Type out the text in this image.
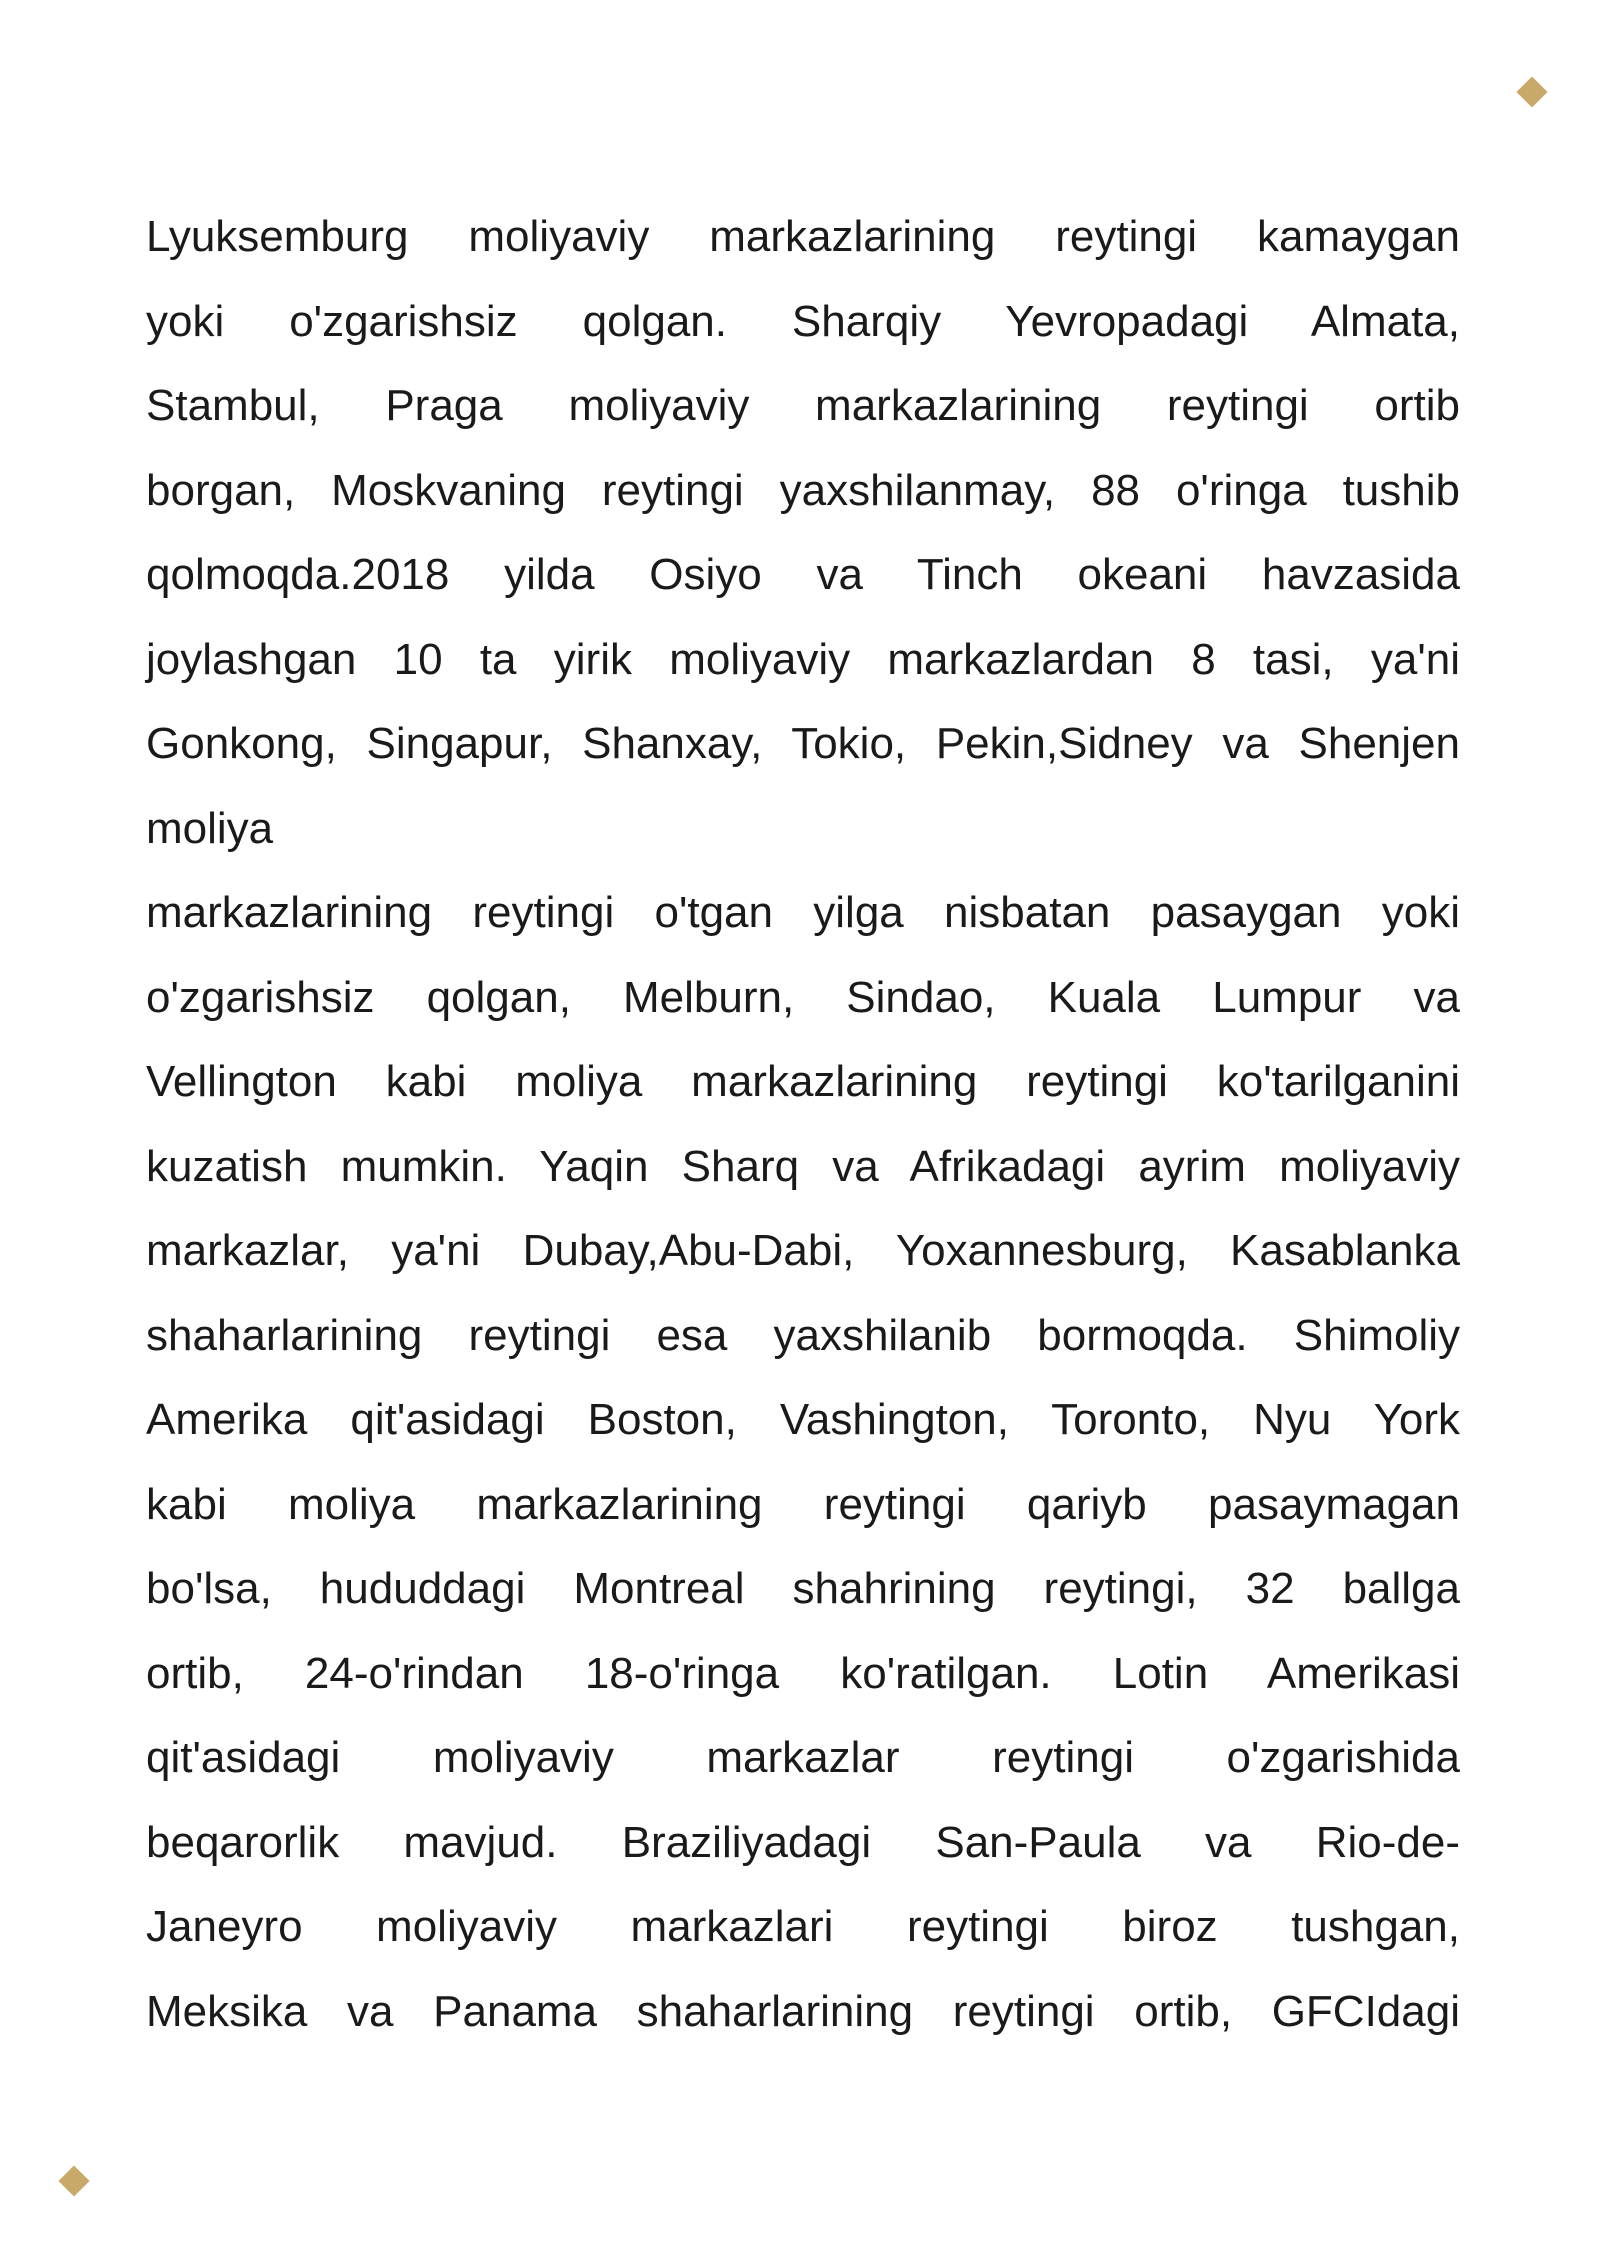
Lyuksemburg moliyaviy markazlarining reytingi kamaygan
yoki o'zgarishsiz qolgan. Sharqiy Yevropadagi Almata,
Stambul, Praga moliyaviy markazlarining reytingi ortib
borgan, Moskvaning reytingi yaxshilanmay, 88 o'ringa tushib
qolmoqda.2018 yilda Osiyo va Tinch okeani havzasida
joylashgan 10 ta yirik moliyaviy markazlardan 8 tasi, ya'ni
Gonkong, Singapur, Shanxay, Tokio, Pekin,Sidney va Shenjen
moliya
markazlarining reytingi o'tgan yilga nisbatan pasaygan yoki
o'zgarishsiz qolgan, Melburn, Sindao, Kuala Lumpur va
Vellington kabi moliya markazlarining reytingi ko'tarilganini
kuzatish mumkin. Yaqin Sharq va Afrikadagi ayrim moliyaviy
markazlar, ya'ni Dubay,Abu-Dabi, Yoxannesburg, Kasablanka
shaharlarining reytingi esa yaxshilanib bormoqda. Shimoliy
Amerika qit'asidagi Boston, Vashington, Toronto, Nyu York
kabi moliya markazlarining reytingi qariyb pasaymagan
bo'lsa, hududdagi Montreal shahrining reytingi, 32 ballga
ortib, 24-o'rindan 18-o'ringa ko'ratilgan. Lotin Amerikasi
qit'asidagi moliyaviy markazlar reytingi o'zgarishida
beqarorlik mavjud. Braziliyadagi San-Paula va Rio-de-
Janeyro moliyaviy markazlari reytingi biroz tushgan,
Meksika va Panama shaharlarining reytingi ortib, GFCIdagi
